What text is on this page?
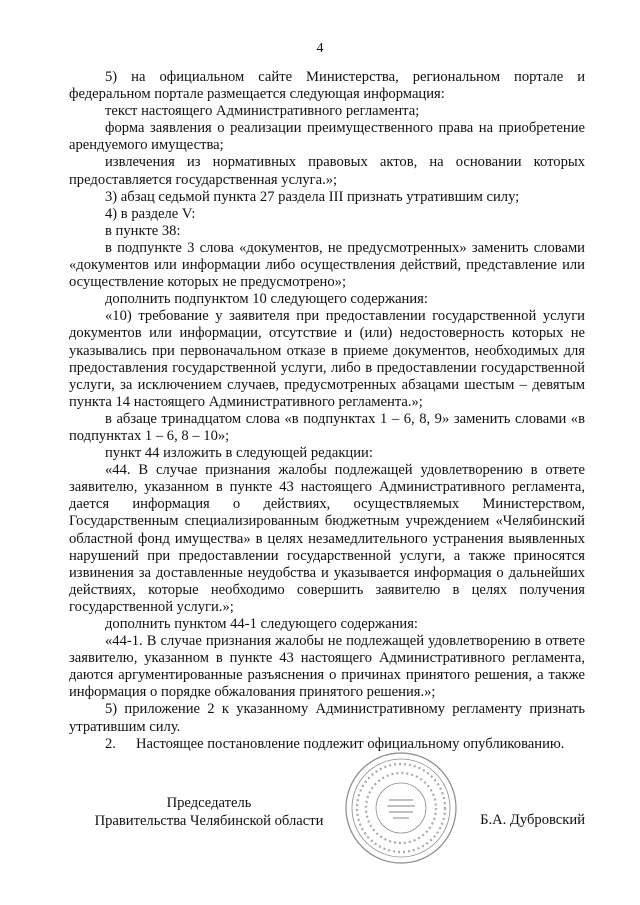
4

5) на официальном сайте Министерства, региональном портале и федеральном портале размещается следующая информация:

текст настоящего Административного регламента;

форма заявления о реализации преимущественного права на приобретение арендуемого имущества;

извлечения из нормативных правовых актов, на основании которых предоставляется государственная услуга.»;

3) абзац седьмой пункта 27 раздела III признать утратившим силу;

4) в разделе V:

в пункте 38:

в подпункте 3 слова «документов, не предусмотренных» заменить словами «документов или информации либо осуществления действий, представление или осуществление которых не предусмотрено»;

дополнить подпунктом 10 следующего содержания:

«10) требование у заявителя при предоставлении государственной услуги документов или информации, отсутствие и (или) недостоверность которых не указывались при первоначальном отказе в приеме документов, необходимых для предоставления государственной услуги, либо в предоставлении государственной услуги, за исключением случаев, предусмотренных абзацами шестым – девятым пункта 14 настоящего Административного регламента.»;

в абзаце тринадцатом слова «в подпунктах 1 – 6, 8, 9» заменить словами «в подпунктах 1 – 6, 8 – 10»;

пункт 44 изложить в следующей редакции:

«44. В случае признания жалобы подлежащей удовлетворению в ответе заявителю, указанном в пункте 43 настоящего Административного регламента, дается информация о действиях, осуществляемых Министерством, Государственным специализированным бюджетным учреждением «Челябинский областной фонд имущества» в целях незамедлительного устранения выявленных нарушений при предоставлении государственной услуги, а также приносятся извинения за доставленные неудобства и указывается информация о дальнейших действиях, которые необходимо совершить заявителю в целях получения государственной услуги.»;

дополнить пунктом 44-1 следующего содержания:

«44-1. В случае признания жалобы не подлежащей удовлетворению в ответе заявителю, указанном в пункте 43 настоящего Административного регламента, даются аргументированные разъяснения о причинах принятого решения, а также информация о порядке обжалования принятого решения.»;

5) приложение 2 к указанному Административному регламенту признать утратившим силу.

2. Настоящее постановление подлежит официальному опубликованию.

Председатель
Правительства Челябинской области	Б.А. Дубровский
